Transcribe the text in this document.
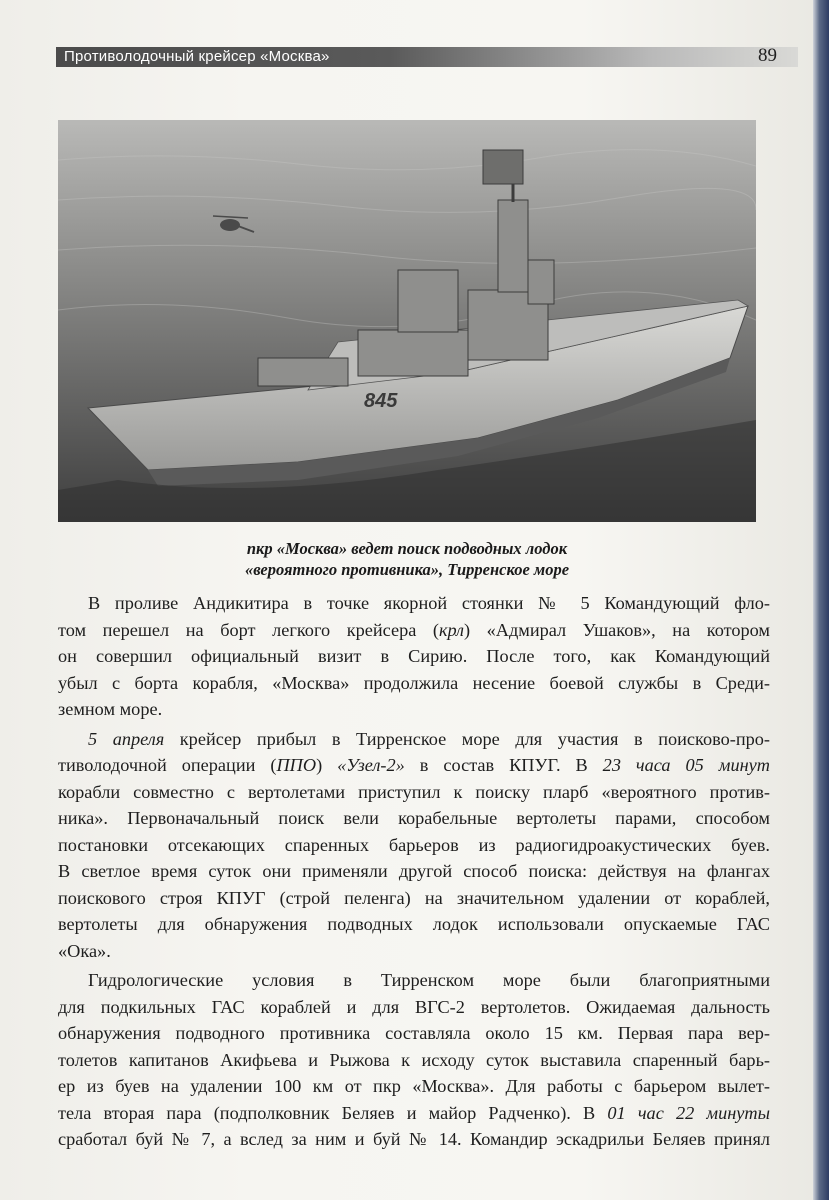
Противолодочный крейсер «Москва»	89
845
пкр «Москва» ведет поиск подводных лодок
«вероятного противника», Тирренское море
В проливе Андикитира в точке якорной стоянки № 5 Командующий фло-
том перешел на борт легкого крейсера (крл) «Адмирал Ушаков», на котором
он совершил официальный визит в Сирию. После того, как Командующий
убыл с борта корабля, «Москва» продолжила несение боевой службы в Среди-
земном море.
5 апреля крейсер прибыл в Тирренское море для участия в поисково-про-
тиволодочной операции (ППО) «Узел-2» в состав КПУГ. В 23 часа 05 минут
корабли совместно с вертолетами приступил к поиску пларб «вероятного против-
ника». Первоначальный поиск вели корабельные вертолеты парами, способом
постановки отсекающих спаренных барьеров из радиогидроакустических буев.
В светлое время суток они применяли другой способ поиска: действуя на флангах
поискового строя КПУГ (строй пеленга) на значительном удалении от кораблей,
вертолеты для обнаружения подводных лодок использовали опускаемые ГАС
«Ока».
Гидрологические условия в Тирренском море были благоприятными
для подкильных ГАС кораблей и для ВГС-2 вертолетов. Ожидаемая дальность
обнаружения подводного противника составляла около 15 км. Первая пара вер-
толетов капитанов Акифьева и Рыжова к исходу суток выставила спаренный барь-
ер из буев на удалении 100 км от пкр «Москва». Для работы с барьером вылет-
тела вторая пара (подполковник Беляев и майор Радченко). В 01 час 22 минуты
сработал буй № 7, а вслед за ним и буй № 14. Командир эскадрильи Беляев принял
